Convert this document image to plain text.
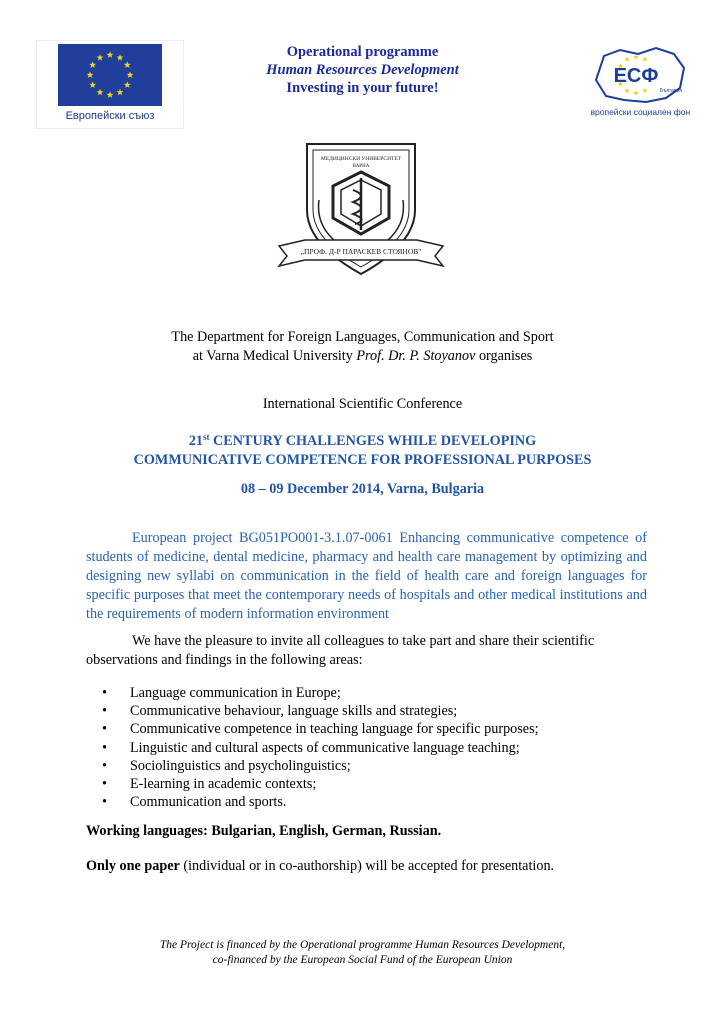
Европейски съюз
Operational programme
Human Resources Development
Investing in your future!
ЕСФ
България
Европейски социален фонд
МЕДИЦИНСКИ УНИВЕРСИТЕТ
ВАРНА
„ПРОФ. Д-Р ПАРАСКЕВ СТОЯНОВ"
The Department for Foreign Languages, Communication and Sport
at Varna Medical University Prof. Dr. P. Stoyanov organises
International Scientific Conference
21st CENTURY CHALLENGES WHILE DEVELOPING
COMMUNICATIVE COMPETENCE FOR PROFESSIONAL PURPOSES
08 – 09 December 2014, Varna, Bulgaria
European project BG051PO001-3.1.07-0061 Enhancing communicative competence of students of medicine, dental medicine, pharmacy and health care management by optimizing and designing new syllabi on communication in the field of health care and foreign languages for specific purposes that meet the contemporary needs of hospitals and other medical institutions and the requirements of modern information environment
We have the pleasure to invite all colleagues to take part and share their scientific observations and findings in the following areas:
• Language communication in Europe;
• Communicative behaviour, language skills and strategies;
• Communicative competence in teaching language for specific purposes;
• Linguistic and cultural aspects of communicative language teaching;
• Sociolinguistics and psycholinguistics;
• E-learning in academic contexts;
• Communication and sports.
Working languages: Bulgarian, English, German, Russian.
Only one paper (individual or in co-authorship) will be accepted for presentation.
The Project is financed by the Operational programme Human Resources Development,
co-financed by the European Social Fund of the European Union
